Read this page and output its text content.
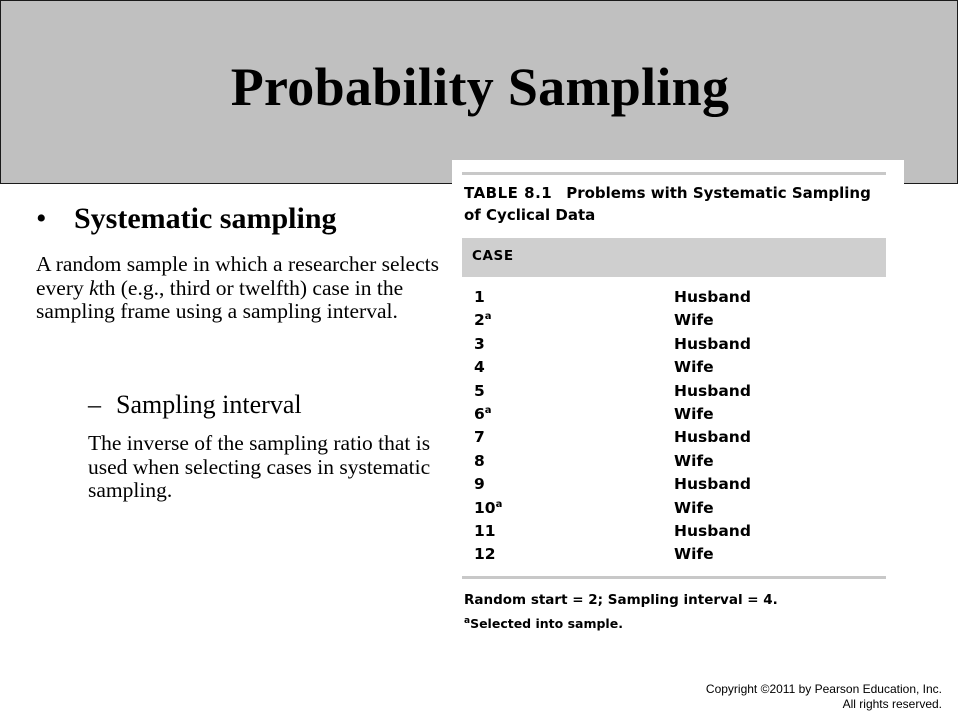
Probability Sampling
• Systematic sampling
A random sample in which a researcher selects every kth (e.g., third or twelfth) case in the sampling frame using a sampling interval.
– Sampling interval
The inverse of the sampling ratio that is used when selecting cases in systematic sampling.
TABLE 8.1 Problems with Systematic Sampling of Cyclical Data
CASE
1	Husband
2$^a$	Wife
3	Husband
4	Wife
5	Husband
6$^a$	Wife
7	Husband
8	Wife
9	Husband
10$^a$	Wife
11	Husband
12	Wife
Random start = 2; Sampling interval = 4.
$^a$Selected into sample.
Copyright ©2011 by Pearson Education, Inc.
All rights reserved.
